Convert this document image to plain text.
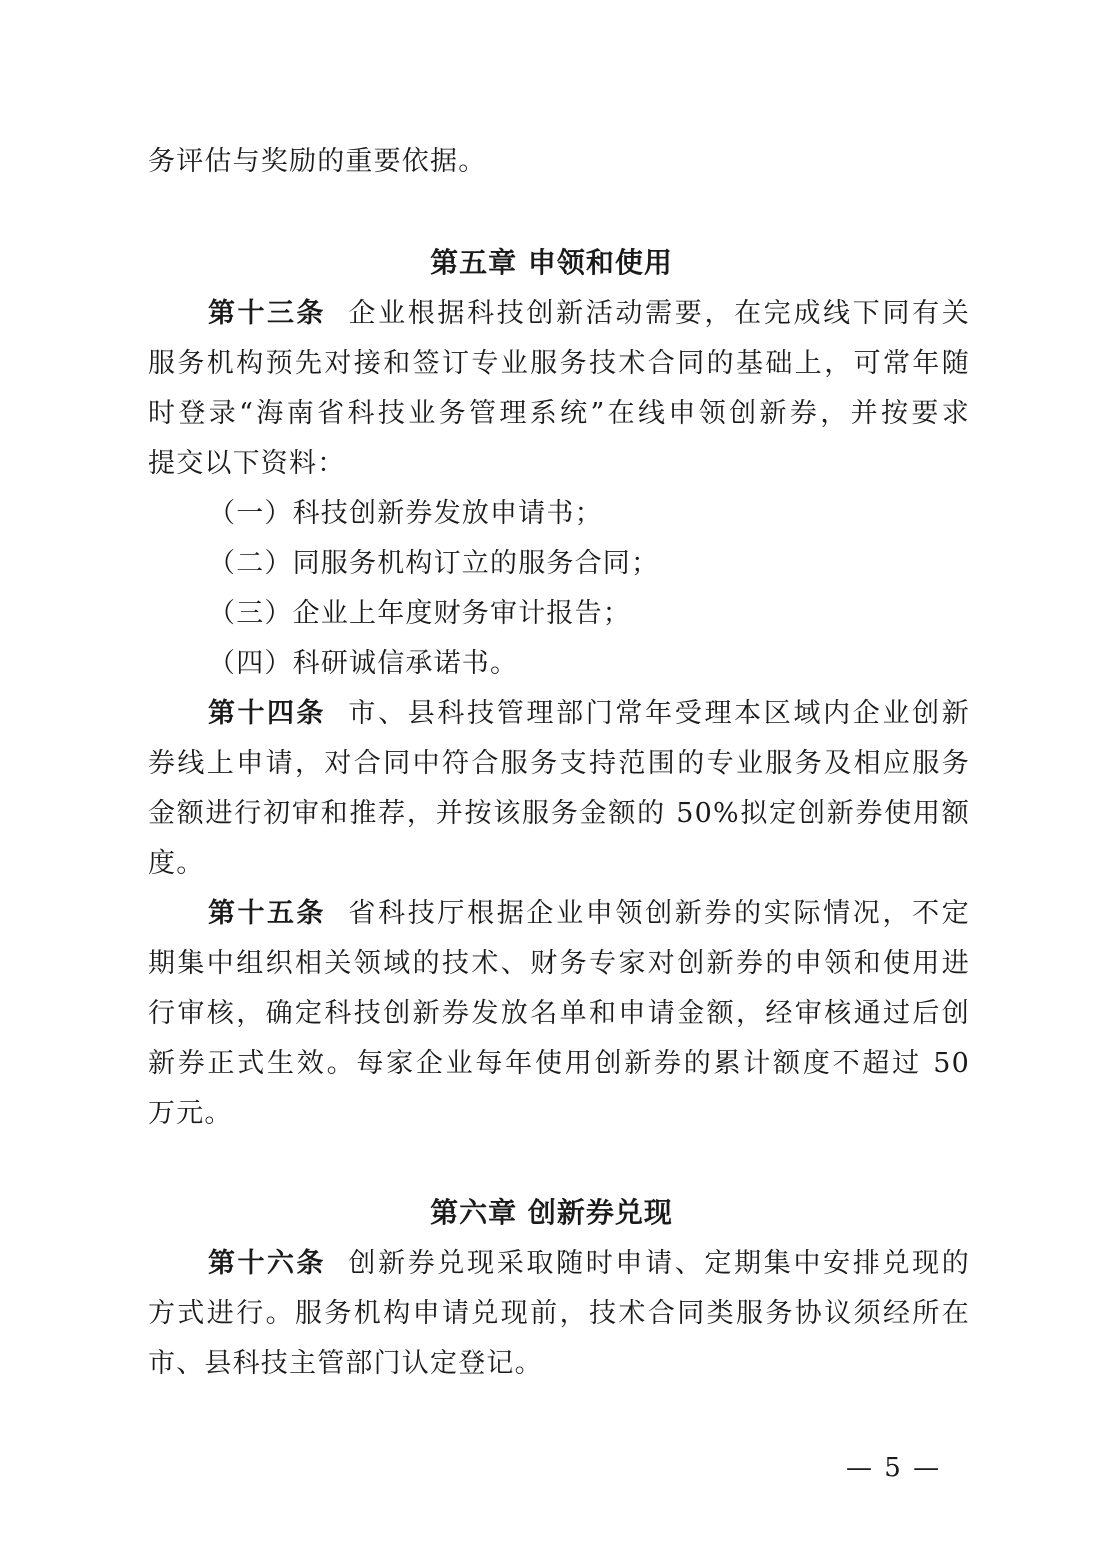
务评估与奖励的重要依据。
第五章 申领和使用
第十三条 企业根据科技创新活动需要，在完成线下同有关
服务机构预先对接和签订专业服务技术合同的基础上，可常年随
时登录“海南省科技业务管理系统”在线申领创新券，并按要求
提交以下资料：
（一）科技创新券发放申请书；
（二）同服务机构订立的服务合同；
（三）企业上年度财务审计报告；
（四）科研诚信承诺书。
第十四条 市、县科技管理部门常年受理本区域内企业创新
券线上申请，对合同中符合服务支持范围的专业服务及相应服务
金额进行初审和推荐，并按该服务金额的 50%拟定创新券使用额
度。
第十五条 省科技厅根据企业申领创新券的实际情况，不定
期集中组织相关领域的技术、财务专家对创新券的申领和使用进
行审核，确定科技创新券发放名单和申请金额，经审核通过后创
新券正式生效。每家企业每年使用创新券的累计额度不超过 50
万元。
第六章 创新券兑现
第十六条 创新券兑现采取随时申请、定期集中安排兑现的
方式进行。服务机构申请兑现前，技术合同类服务协议须经所在
市、县科技主管部门认定登记。
— 5 —
